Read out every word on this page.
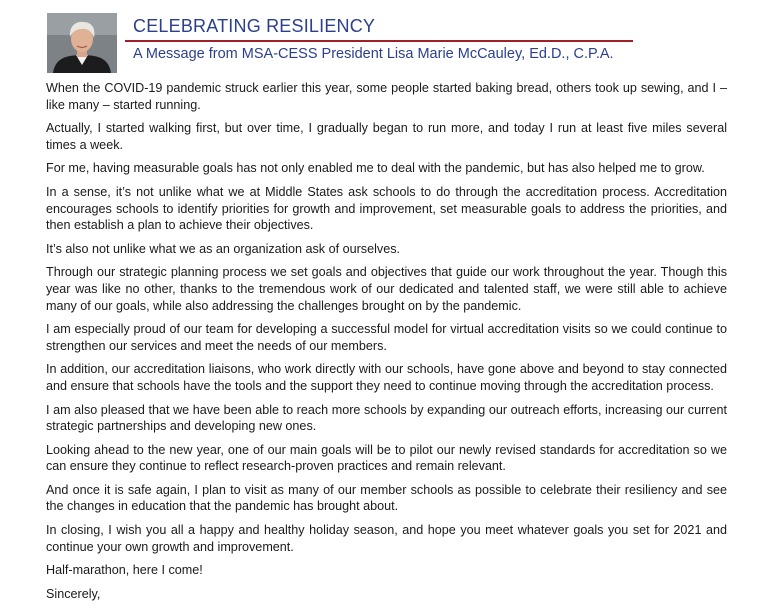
CELEBRATING RESILIENCY
A Message from MSA-CESS President Lisa Marie McCauley, Ed.D., C.P.A.

When the COVID-19 pandemic struck earlier this year, some people started baking bread, others took up sewing, and I – like many – started running.

Actually, I started walking first, but over time, I gradually began to run more, and today I run at least five miles several times a week.

For me, having measurable goals has not only enabled me to deal with the pandemic, but has also helped me to grow.

In a sense, it’s not unlike what we at Middle States ask schools to do through the accreditation process. Accreditation encourages schools to identify priorities for growth and improvement, set measurable goals to address the priorities, and then establish a plan to achieve their objectives.

It’s also not unlike what we as an organization ask of ourselves.

Through our strategic planning process we set goals and objectives that guide our work throughout the year. Though this year was like no other, thanks to the tremendous work of our dedicated and talented staff, we were still able to achieve many of our goals, while also addressing the challenges brought on by the pandemic.

I am especially proud of our team for developing a successful model for virtual accreditation visits so we could continue to strengthen our services and meet the needs of our members.

In addition, our accreditation liaisons, who work directly with our schools, have gone above and beyond to stay connected and ensure that schools have the tools and the support they need to continue moving through the accreditation process.

I am also pleased that we have been able to reach more schools by expanding our outreach efforts, increasing our current strategic partnerships and developing new ones.

Looking ahead to the new year, one of our main goals will be to pilot our newly revised standards for accreditation so we can ensure they continue to reflect research-proven practices and remain relevant.

And once it is safe again, I plan to visit as many of our member schools as possible to celebrate their resiliency and see the changes in education that the pandemic has brought about.

In closing, I wish you all a happy and healthy holiday season, and hope you meet whatever goals you set for 2021 and continue your own growth and improvement.

Half-marathon, here I come!

Sincerely,
